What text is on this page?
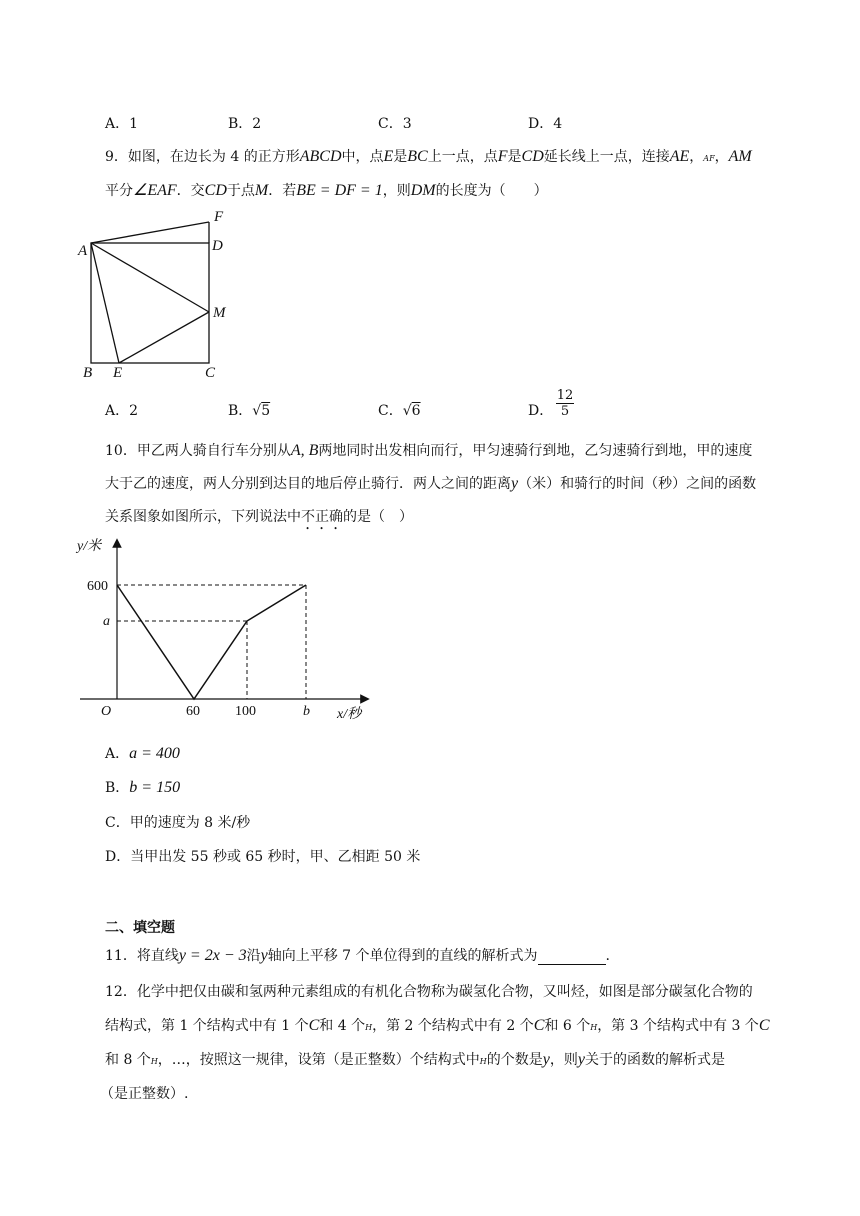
A．1	B．2	C．3	D．4
9．如图，在边长为 4 的正方形ABCD中，点E是BC上一点，点F是CD延长线上一点，连接AE，AF，AM
平分∠EAF．交CD于点M．若BE = DF = 1，则DM的长度为（　　）
F
D
A
M
B E	C
A．2	B．√5	C．√6	D．
12
5
10．甲乙两人骑自行车分别从A, B两地同时出发相向而行，甲匀速骑行到地，乙匀速骑行到地，甲的速度
大于乙的速度，两人分别到达目的地后停止骑行．两人之间的距离y（米）和骑行的时间（秒）之间的函数
关系图象如图所示，下列说法中不正确的是（　）
y/米
x/秒
O
600
a
60	100	b
A．a = 400
B．b = 150
C．甲的速度为 8 米/秒
D．当甲出发 55 秒或 65 秒时，甲、乙相距 50 米
二、填空题
11．将直线y = 2x − 3沿y轴向上平移 7 个单位得到的直线的解析式为	.
12．化学中把仅由碳和氢两种元素组成的有机化合物称为碳氢化合物，又叫烃，如图是部分碳氢化合物的
结构式，第 1 个结构式中有 1 个C和 4 个H，第 2 个结构式中有 2 个C和 6 个H，第 3 个结构式中有 3 个C
和 8 个H，…，按照这一规律，设第（是正整数）个结构式中H的个数是y，则y关于的函数的解析式是
（是正整数）.
